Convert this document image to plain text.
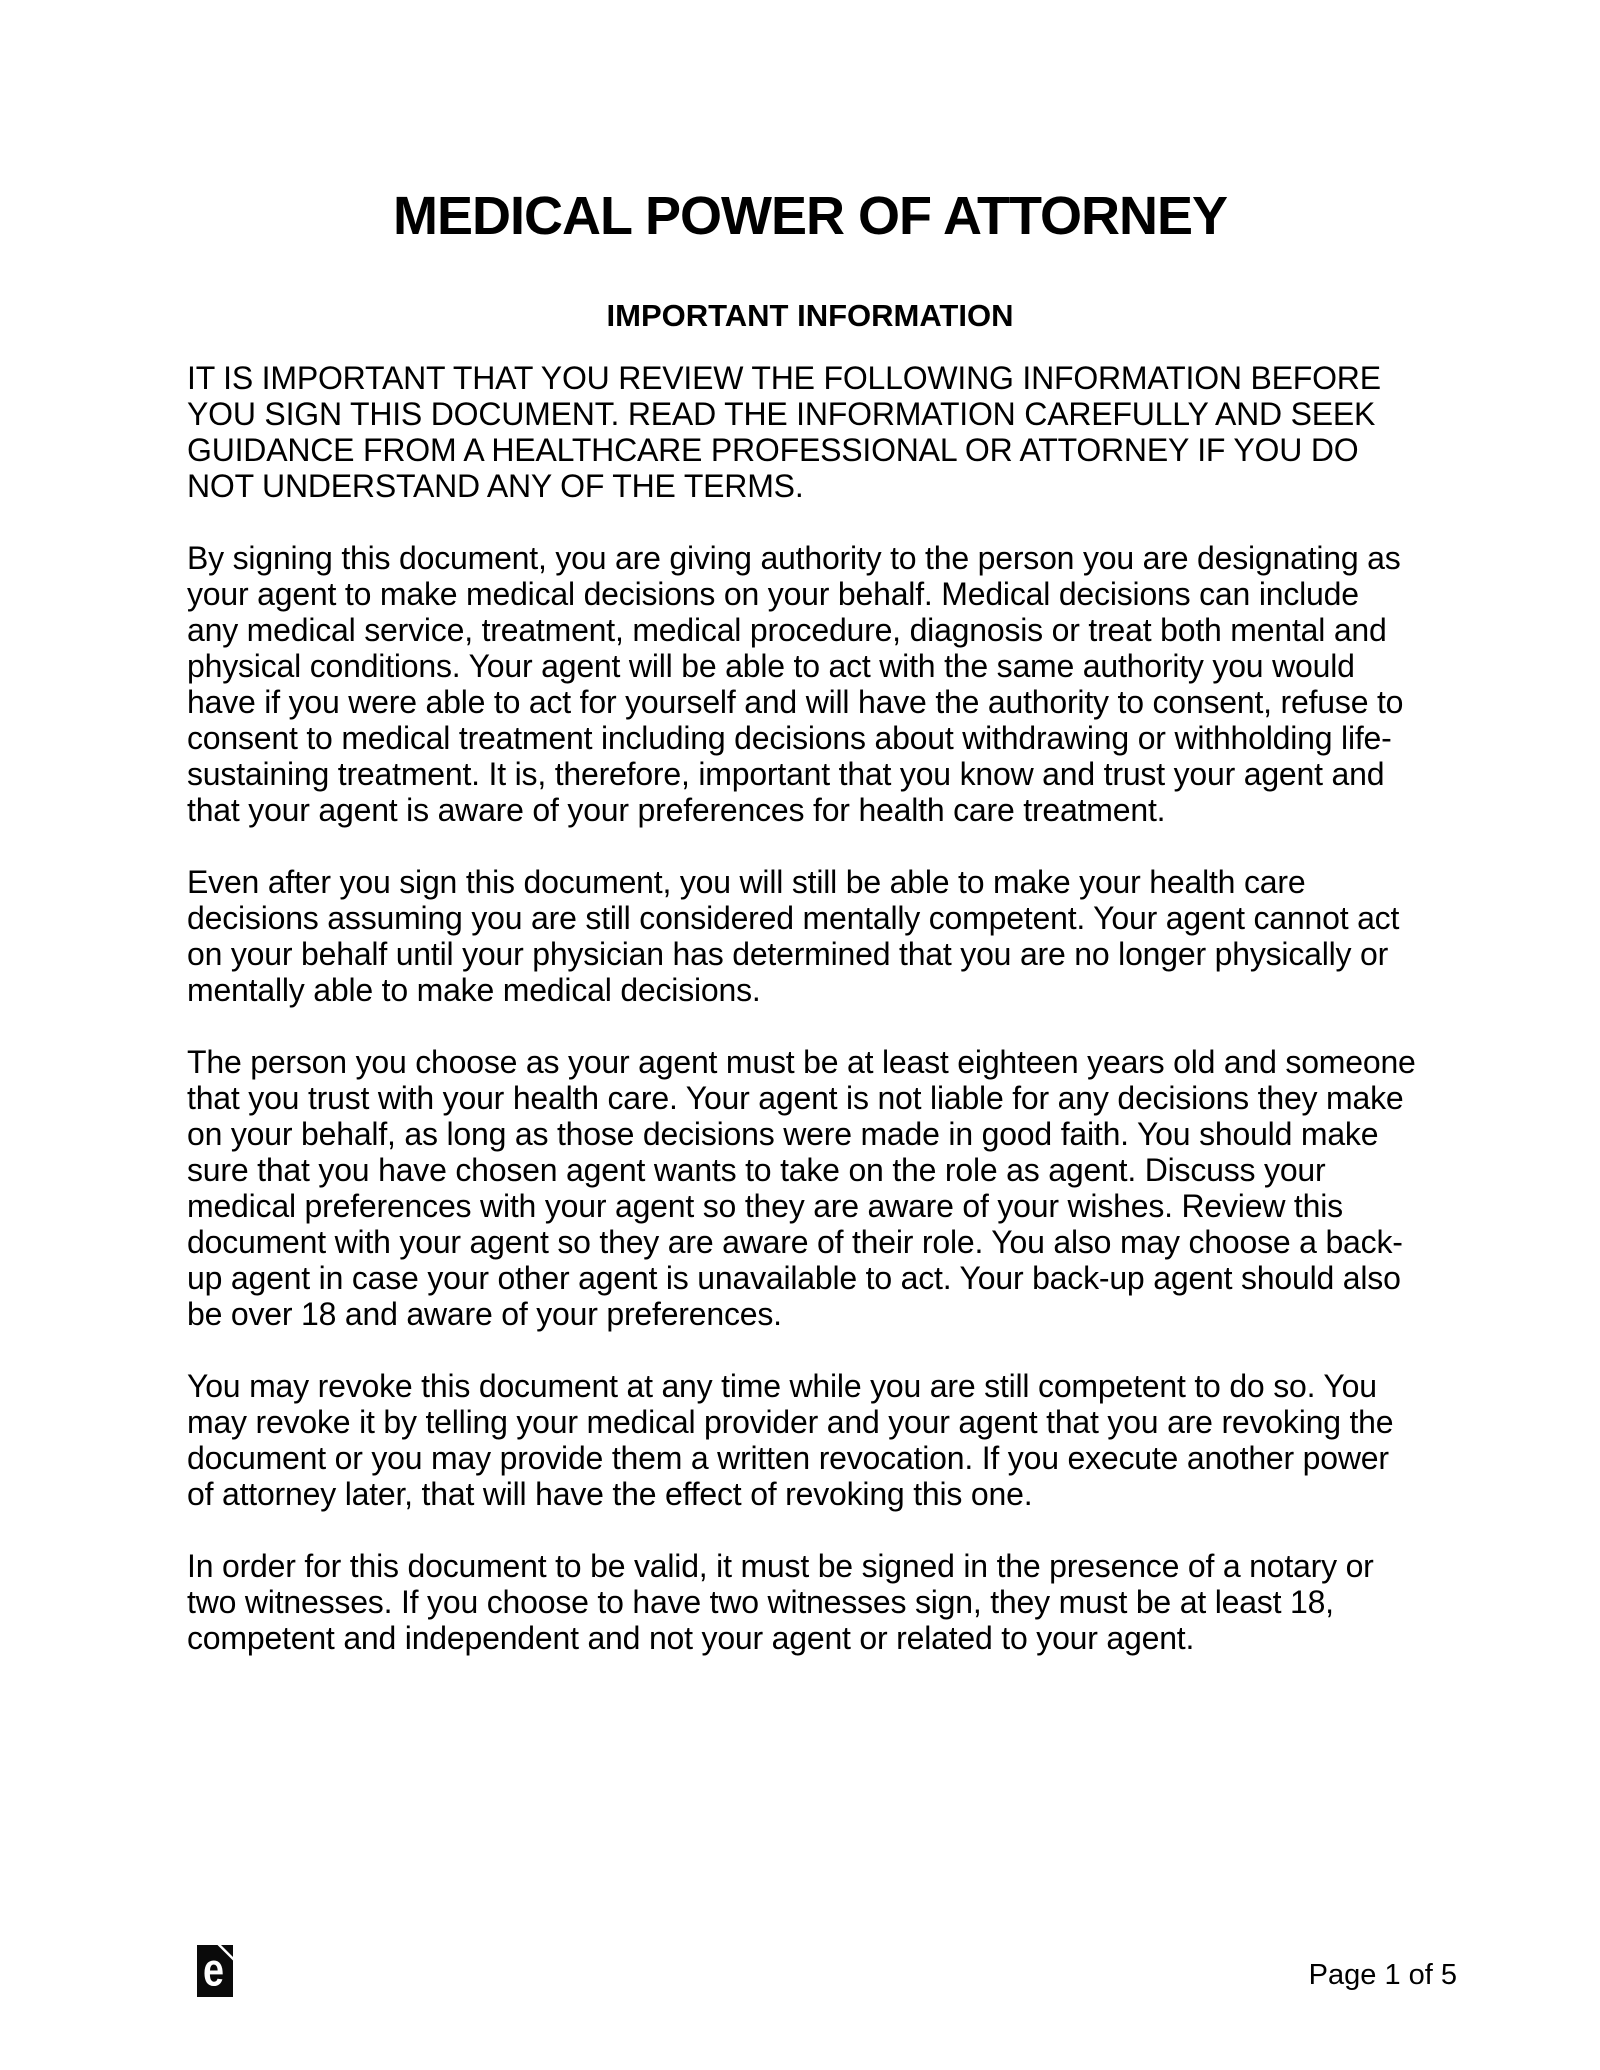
MEDICAL POWER OF ATTORNEY
IMPORTANT INFORMATION
IT IS IMPORTANT THAT YOU REVIEW THE FOLLOWING INFORMATION BEFORE
YOU SIGN THIS DOCUMENT. READ THE INFORMATION CAREFULLY AND SEEK
GUIDANCE FROM A HEALTHCARE PROFESSIONAL OR ATTORNEY IF YOU DO
NOT UNDERSTAND ANY OF THE TERMS.
By signing this document, you are giving authority to the person you are designating as
your agent to make medical decisions on your behalf. Medical decisions can include
any medical service, treatment, medical procedure, diagnosis or treat both mental and
physical conditions. Your agent will be able to act with the same authority you would
have if you were able to act for yourself and will have the authority to consent, refuse to
consent to medical treatment including decisions about withdrawing or withholding life-
sustaining treatment. It is, therefore, important that you know and trust your agent and
that your agent is aware of your preferences for health care treatment.
Even after you sign this document, you will still be able to make your health care
decisions assuming you are still considered mentally competent. Your agent cannot act
on your behalf until your physician has determined that you are no longer physically or
mentally able to make medical decisions.
The person you choose as your agent must be at least eighteen years old and someone
that you trust with your health care. Your agent is not liable for any decisions they make
on your behalf, as long as those decisions were made in good faith. You should make
sure that you have chosen agent wants to take on the role as agent. Discuss your
medical preferences with your agent so they are aware of your wishes. Review this
document with your agent so they are aware of their role. You also may choose a back-
up agent in case your other agent is unavailable to act. Your back-up agent should also
be over 18 and aware of your preferences.
You may revoke this document at any time while you are still competent to do so. You
may revoke it by telling your medical provider and your agent that you are revoking the
document or you may provide them a written revocation. If you execute another power
of attorney later, that will have the effect of revoking this one.
In order for this document to be valid, it must be signed in the presence of a notary or
two witnesses. If you choose to have two witnesses sign, they must be at least 18,
competent and independent and not your agent or related to your agent.
e	Page 1 of 5
